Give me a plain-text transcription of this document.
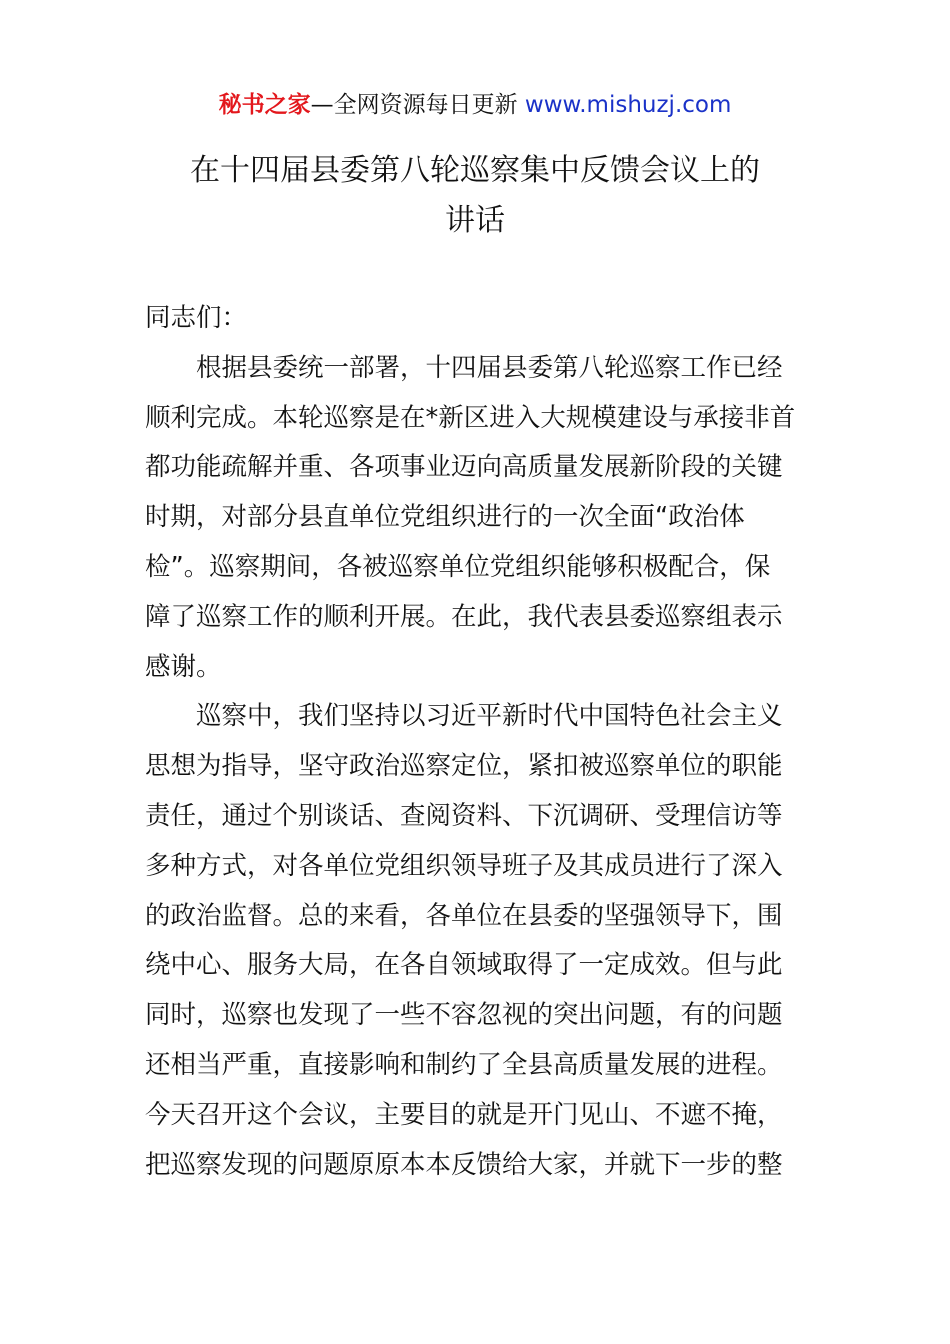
秘书之家—全网资源每日更新 www.mishuzj.com
在十四届县委第八轮巡察集中反馈会议上的
讲话
同志们：
根据县委统一部署，十四届县委第八轮巡察工作已经
顺利完成。本轮巡察是在*新区进入大规模建设与承接非首
都功能疏解并重、各项事业迈向高质量发展新阶段的关键
时期，对部分县直单位党组织进行的一次全面“政治体
检”。巡察期间，各被巡察单位党组织能够积极配合，保
障了巡察工作的顺利开展。在此，我代表县委巡察组表示
感谢。
巡察中，我们坚持以习近平新时代中国特色社会主义
思想为指导，坚守政治巡察定位，紧扣被巡察单位的职能
责任，通过个别谈话、查阅资料、下沉调研、受理信访等
多种方式，对各单位党组织领导班子及其成员进行了深入
的政治监督。总的来看，各单位在县委的坚强领导下，围
绕中心、服务大局，在各自领域取得了一定成效。但与此
同时，巡察也发现了一些不容忽视的突出问题，有的问题
还相当严重，直接影响和制约了全县高质量发展的进程。
今天召开这个会议，主要目的就是开门见山、不遮不掩，
把巡察发现的问题原原本本反馈给大家，并就下一步的整
